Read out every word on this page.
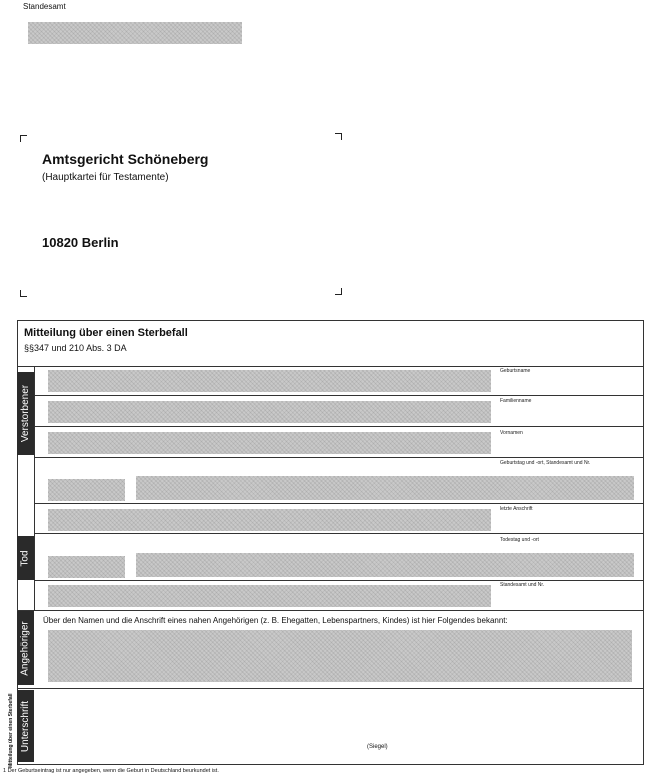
Standesamt
Amtsgericht Schöneberg
(Hauptkartei für Testamente)
10820 Berlin
Mitteilung über einen Sterbefall
§§347 und 210 Abs. 3 DA
Verstorbener
Tod
Angehöriger
Unterschrift
Geburtsname
Familienname
Vornamen
Geburtstag und -ort, Standesamt und Nr.
letzte Anschrift
Todestag und -ort
Standesamt und Nr.
Über den Namen und die Anschrift eines nahen Angehörigen (z. B. Ehegatten, Lebenspartners, Kindes) ist hier Folgendes bekannt:
(Siegel)
Mitteilung über einen Sterbefall
1 Der Geburtseintrag ist nur angegeben, wenn die Geburt in Deutschland beurkundet ist.
